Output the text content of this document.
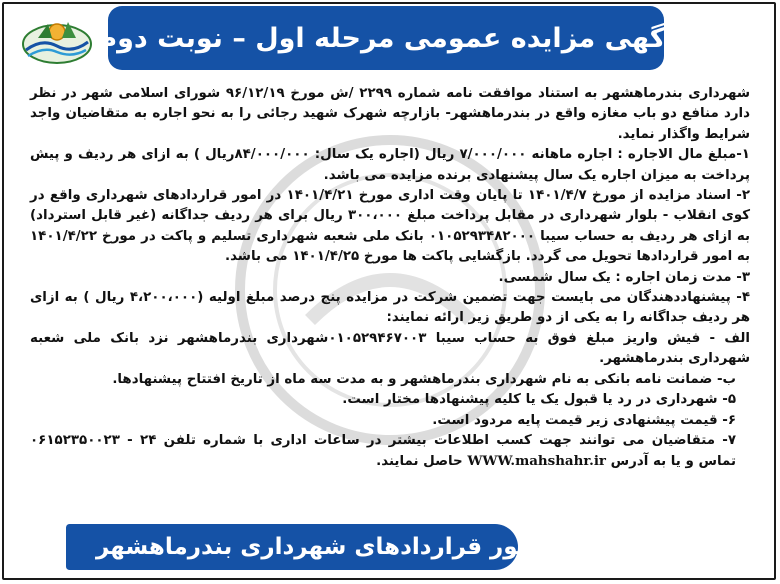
آگهی مزایده عمومی مرحله اول – نوبت دوم

شهرداری بندرماهشهر به استناد موافقت نامه شماره ۲۲۹۹ /ش مورخ ۹۶/۱۲/۱۹ شورای اسلامی شهر در نظر دارد منافع دو باب مغازه واقع در بندرماهشهر- بازارچه شهرک شهید رجائی را به نحو اجاره به متقاضیان واجد شرایط واگذار نماید.

۱-مبلغ مال الاجاره : اجاره ماهانه ۷/۰۰۰/۰۰۰ ریال (اجاره یک سال: ۸۴/۰۰۰/۰۰۰ریال ) به ازای هر ردیف و پیش پرداخت به میزان اجاره یک سال پیشنهادی برنده مزایده می باشد.

۲- اسناد مزایده از مورخ ۱۴۰۱/۴/۷ تا پایان وقت اداری مورخ ۱۴۰۱/۴/۲۱ در امور قراردادهای شهرداری واقع در کوی انقلاب - بلوار شهرداری در مقابل پرداخت مبلغ ۳۰۰،۰۰۰ ریال برای هر ردیف جداگانه (غیر قابل استرداد) به ازای هر ردیف به حساب سیبا ۰۱۰۵۲۹۳۴۸۲۰۰۰ بانک ملی شعبه شهرداری تسلیم و پاکت در مورخ ۱۴۰۱/۴/۲۲ به امور قراردادها تحویل می گردد. بازگشایی پاکت ها مورخ ۱۴۰۱/۴/۲۵ می باشد.

۳- مدت زمان اجاره : یک سال شمسی.

۴- پیشنهاددهندگان می بایست جهت تضمین شرکت در مزایده پنج درصد مبلغ اولیه (۴،۲۰۰،۰۰۰ ریال ) به ازای هر ردیف جداگانه را به یکی از دو طریق زیر ارائه نمایند:

الف - فیش واریز مبلغ فوق به حساب سیبا ۰۱۰۵۲۹۴۶۷۰۰۳شهرداری بندرماهشهر نزد بانک ملی شعبه شهرداری بندرماهشهر.

ب- ضمانت نامه بانکی به نام شهرداری بندرماهشهر و به مدت سه ماه از تاریخ افتتاح پیشنهادها.

۵- شهرداری در رد یا قبول یک یا کلیه پیشنهادها مختار است.

۶- قیمت پیشنهادی زیر قیمت پایه مردود است.

۷- متقاضیان می توانند جهت کسب اطلاعات بیشتر در ساعات اداری با شماره تلفن ۲۴ - ۰۶۱۵۲۳۵۰۰۲۳ تماس و یا به آدرس WWW.mahshahr.ir حاصل نمایند.

امور قراردادهای شهرداری بندرماهشهر
